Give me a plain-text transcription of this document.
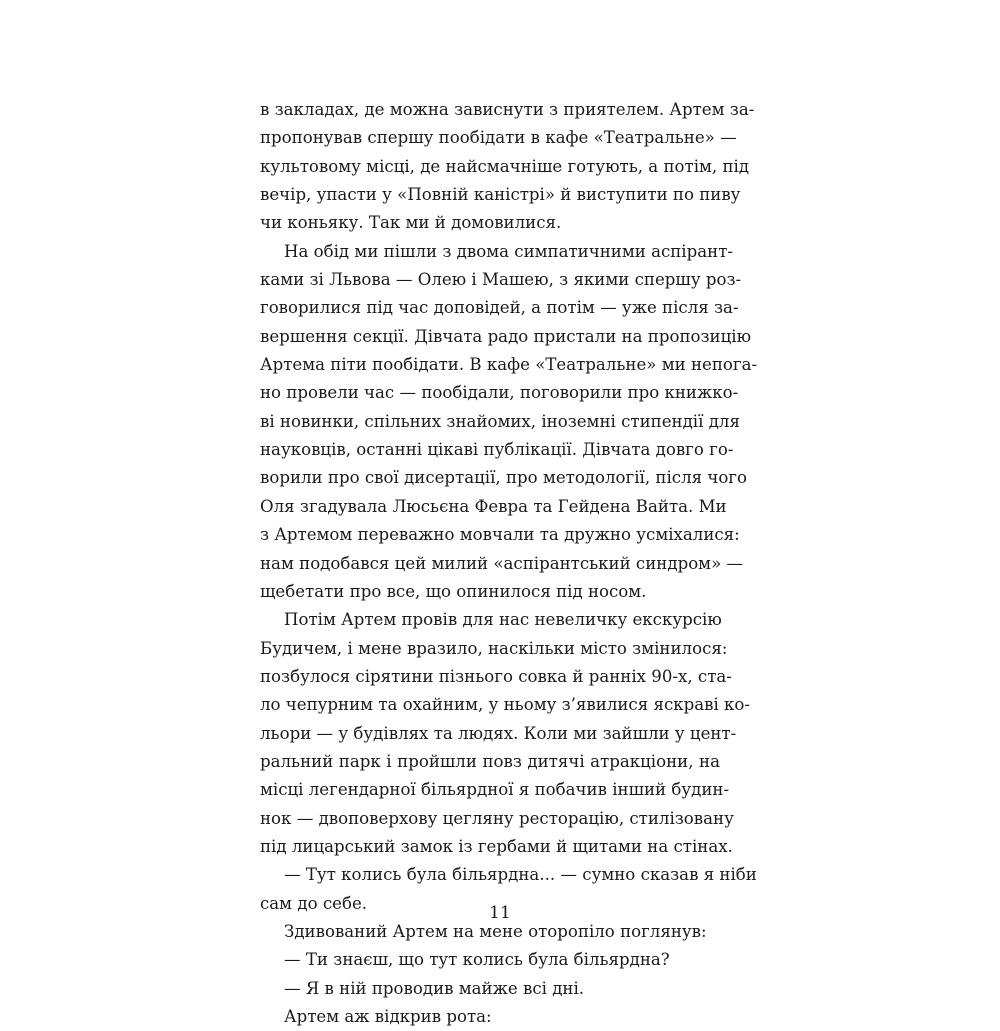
в закладах, де можна зависнути з приятелем. Артем за-
пропонував спершу пообідати в кафе «Театральне» —
культовому місці, де найсмачніше готують, а потім, під
вечір, упасти у «Повній каністрі» й виступити по пиву
чи коньяку. Так ми й домовилися.
На обід ми пішли з двома симпатичними аспірант-
ками зі Львова — Олею і Машею, з якими спершу роз-
говорилися під час доповідей, а потім — уже після за-
вершення секції. Дівчата радо пристали на пропозицію
Артема піти пообідати. В кафе «Театральне» ми непога-
но провели час — пообідали, поговорили про книжко-
ві новинки, спільних знайомих, іноземні стипендії для
науковців, останні цікаві публікації. Дівчата довго го-
ворили про свої дисертації, про методології, після чого
Оля згадувала Люсьєна Февра та Гейдена Вайта. Ми
з Артемом переважно мовчали та дружно усміхалися:
нам подобався цей милий «аспірантський синдром» —
щебетати про все, що опинилося під носом.
Потім Артем провів для нас невеличку екскурсію
Будичем, і мене вразило, наскільки місто змінилося:
позбулося сірятини пізнього совка й ранніх 90-х, ста-
ло чепурним та охайним, у ньому з’явилися яскраві ко-
льори — у будівлях та людях. Коли ми зайшли у цент-
ральний парк і пройшли повз дитячі атракціони, на
місці легендарної більярдної я побачив інший будин-
нок — двоповерхову цегляну ресторацію, стилізовану
під лицарський замок із гербами й щитами на стінах.
— Тут колись була більярдна... — сумно сказав я ніби
сам до себе.
Здивований Артем на мене оторопіло поглянув:
— Ти знаєш, що тут колись була більярдна?
— Я в ній проводив майже всі дні.
Артем аж відкрив рота:
11
